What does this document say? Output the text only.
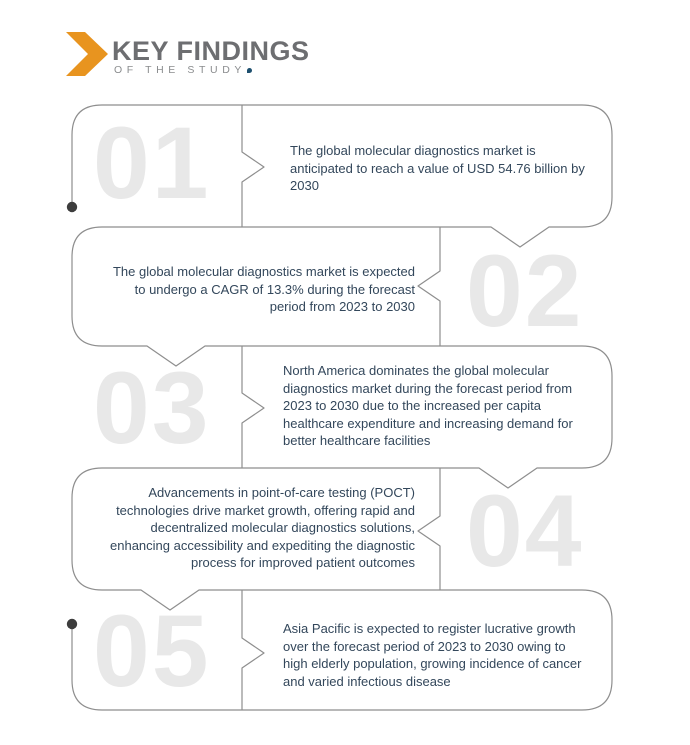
KEY FINDINGS
OF THE STUDY
01	The global molecular diagnostics market is anticipated to reach a value of USD 54.76 billion by 2030
02
The global molecular diagnostics market is expected to undergo a CAGR of 13.3% during the forecast period from 2023 to 2030
03	North America dominates the global molecular diagnostics market during the forecast period from 2023 to 2030 due to the increased per capita healthcare expenditure and increasing demand for better healthcare facilities
04
Advancements in point-of-care testing (POCT) technologies drive market growth, offering rapid and decentralized molecular diagnostics solutions, enhancing accessibility and expediting the diagnostic process for improved patient outcomes
05	Asia Pacific is expected to register lucrative growth over the forecast period of 2023 to 2030 owing to high elderly population, growing incidence of cancer and varied infectious disease
